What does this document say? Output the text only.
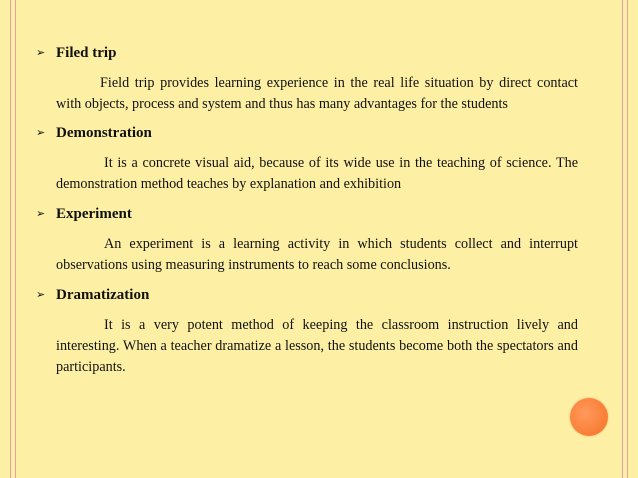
➢ Filed trip

Field trip provides learning experience in the real life situation by direct contact with objects, process and system and thus has many advantages for the students

➢ Demonstration

It is a concrete visual aid, because of its wide use in the teaching of science. The demonstration method teaches by explanation and exhibition

➢ Experiment

An experiment is a learning activity in which students collect and interrupt observations using measuring instruments to reach some conclusions.

➢ Dramatization

It is a very potent method of keeping the classroom instruction lively and interesting. When a teacher dramatize a lesson, the students become both the spectators and participants.
